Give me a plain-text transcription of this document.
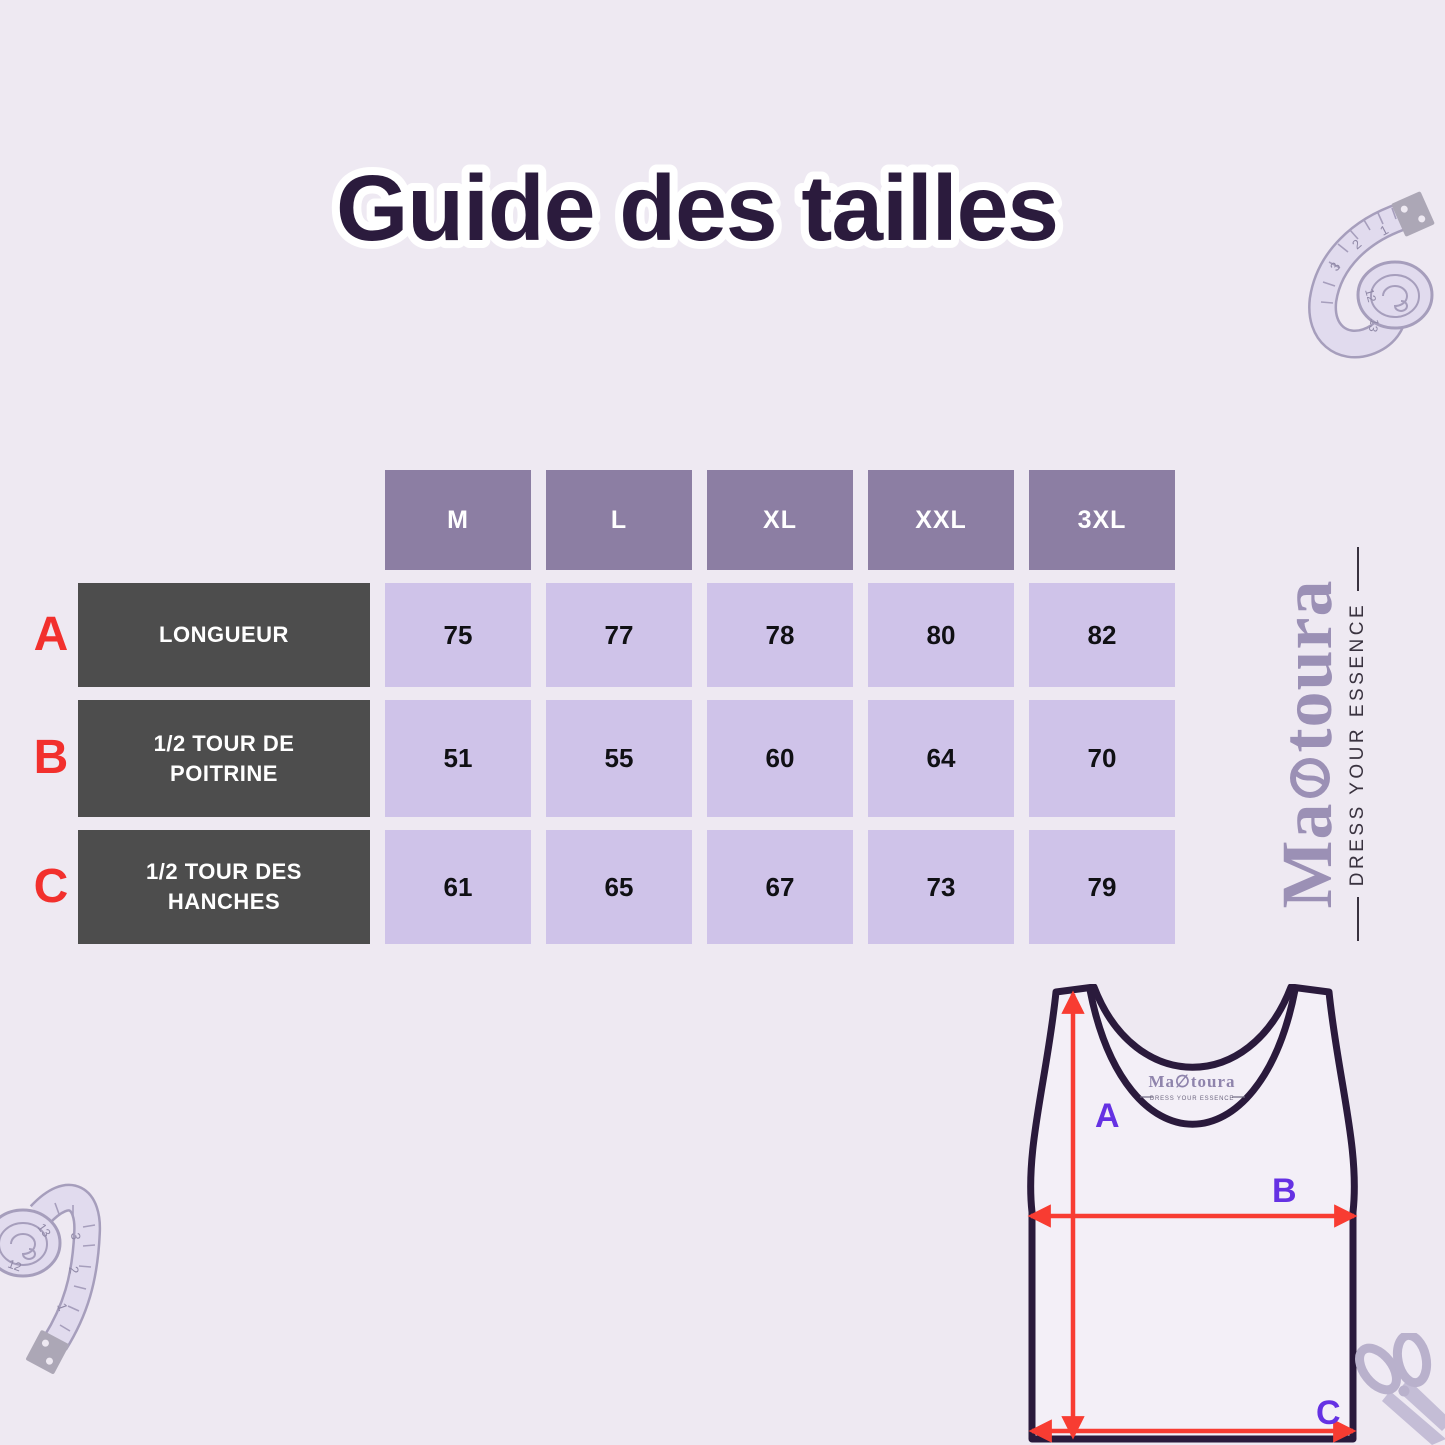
Guide des tailles
A
B
C
M	L	XL	XXL	3XL
LONGUEUR	75	77	78	80	82
1/2 TOUR DE POITRINE	51	55	60	64	70
1/2 TOUR DES HANCHES	61	65	67	73	79	Ma
toura DRESS YOUR ESSENCE
Ma∅toura
DRESS YOUR ESSENCE
A
B
C
1
2
3
12
13
3
2
1
13
12
